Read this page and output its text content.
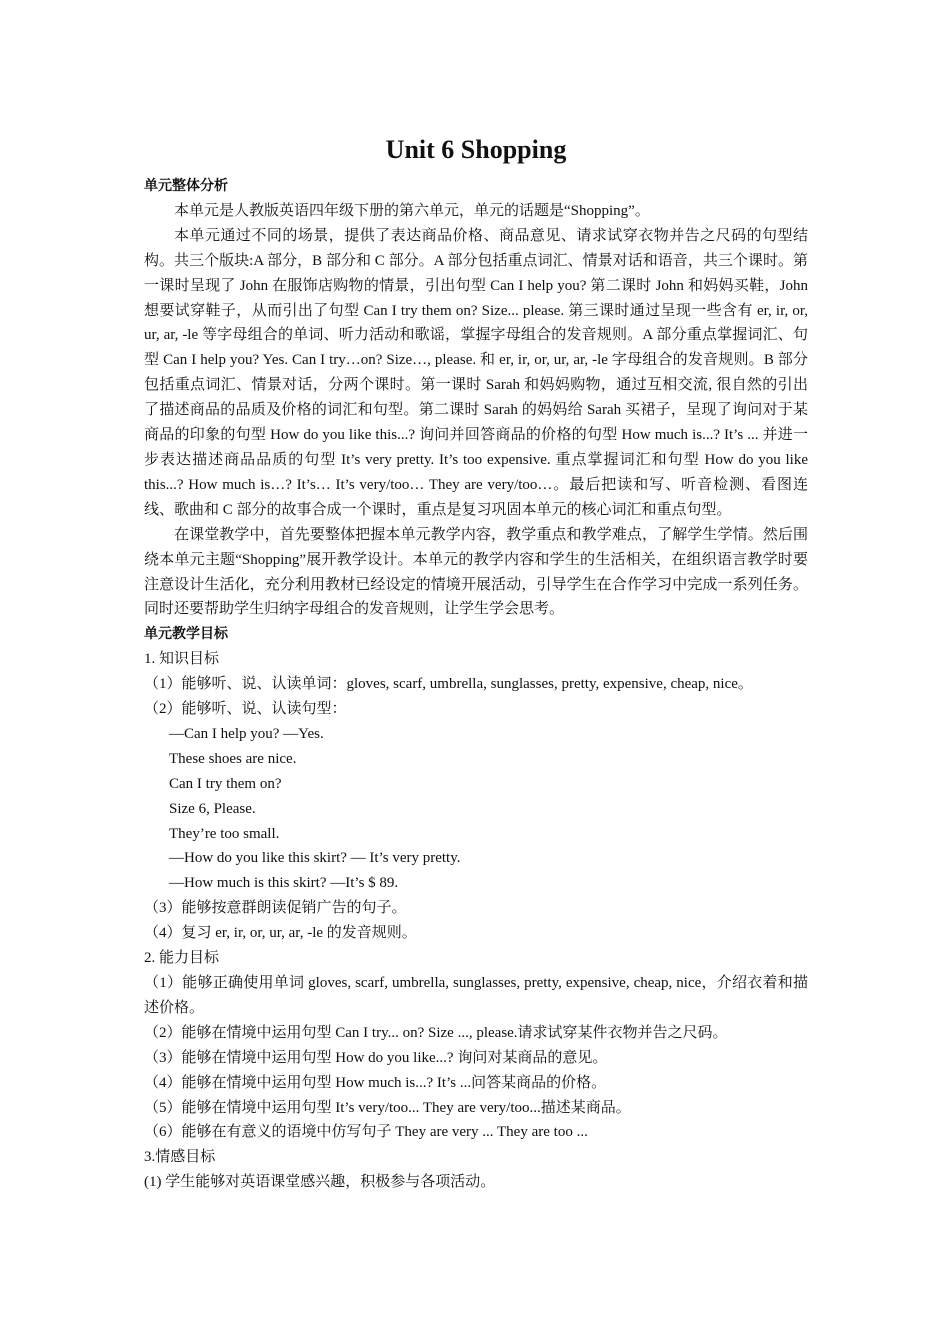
Unit 6 Shopping

单元整体分析

本单元是人教版英语四年级下册的第六单元，单元的话题是“Shopping”。

本单元通过不同的场景，提供了表达商品价格、商品意见、请求试穿衣物并告之尺码的句型结构。共三个版块:A 部分，B 部分和 C 部分。A 部分包括重点词汇、情景对话和语音，共三个课时。第一课时呈现了 John 在服饰店购物的情景，引出句型 Can I help you? 第二课时 John 和妈妈买鞋，John 想要试穿鞋子，从而引出了句型 Can I try them on? Size... please. 第三课时通过呈现一些含有 er, ir, or, ur, ar, -le 等字母组合的单词、听力活动和歌谣，掌握字母组合的发音规则。A 部分重点掌握词汇、句型 Can I help you? Yes. Can I try…on? Size…, please. 和 er, ir, or, ur, ar, -le 字母组合的发音规则。B 部分包括重点词汇、情景对话，分两个课时。第一课时 Sarah 和妈妈购物，通过互相交流, 很自然的引出了描述商品的品质及价格的词汇和句型。第二课时 Sarah 的妈妈给 Sarah 买裙子，呈现了询问对于某商品的印象的句型 How do you like this...? 询问并回答商品的价格的句型 How much is...? It’s ... 并进一步表达描述商品品质的句型 It’s very pretty. It’s too expensive. 重点掌握词汇和句型 How do you like this...? How much is…? It’s… It’s very/too… They are very/too…。最后把读和写、听音检测、看图连线、歌曲和 C 部分的故事合成一个课时，重点是复习巩固本单元的核心词汇和重点句型。

在课堂教学中，首先要整体把握本单元教学内容，教学重点和教学难点，了解学生学情。然后围绕本单元主题“Shopping”展开教学设计。本单元的教学内容和学生的生活相关，在组织语言教学时要注意设计生活化，充分利用教材已经设定的情境开展活动，引导学生在合作学习中完成一系列任务。同时还要帮助学生归纳字母组合的发音规则，让学生学会思考。

单元教学目标

1. 知识目标

（1）能够听、说、认读单词：gloves, scarf, umbrella, sunglasses, pretty, expensive, cheap, nice。

（2）能够听、说、认读句型：

—Can I help you? —Yes.

These shoes are nice.

Can I try them on?

Size 6, Please.

They’re too small.

—How do you like this skirt? — It’s very pretty.

—How much is this skirt? —It’s $ 89.

（3）能够按意群朗读促销广告的句子。

（4）复习 er, ir, or, ur, ar, -le 的发音规则。

2. 能力目标

（1）能够正确使用单词 gloves, scarf, umbrella, sunglasses, pretty, expensive, cheap, nice，介绍衣着和描述价格。

（2）能够在情境中运用句型 Can I try... on? Size ..., please.请求试穿某件衣物并告之尺码。

（3）能够在情境中运用句型 How do you like...? 询问对某商品的意见。

（4）能够在情境中运用句型 How much is...? It’s ...问答某商品的价格。

（5）能够在情境中运用句型 It’s very/too... They are very/too...描述某商品。

（6）能够在有意义的语境中仿写句子 They are very ... They are too ...

3.情感目标

(1) 学生能够对英语课堂感兴趣，积极参与各项活动。
